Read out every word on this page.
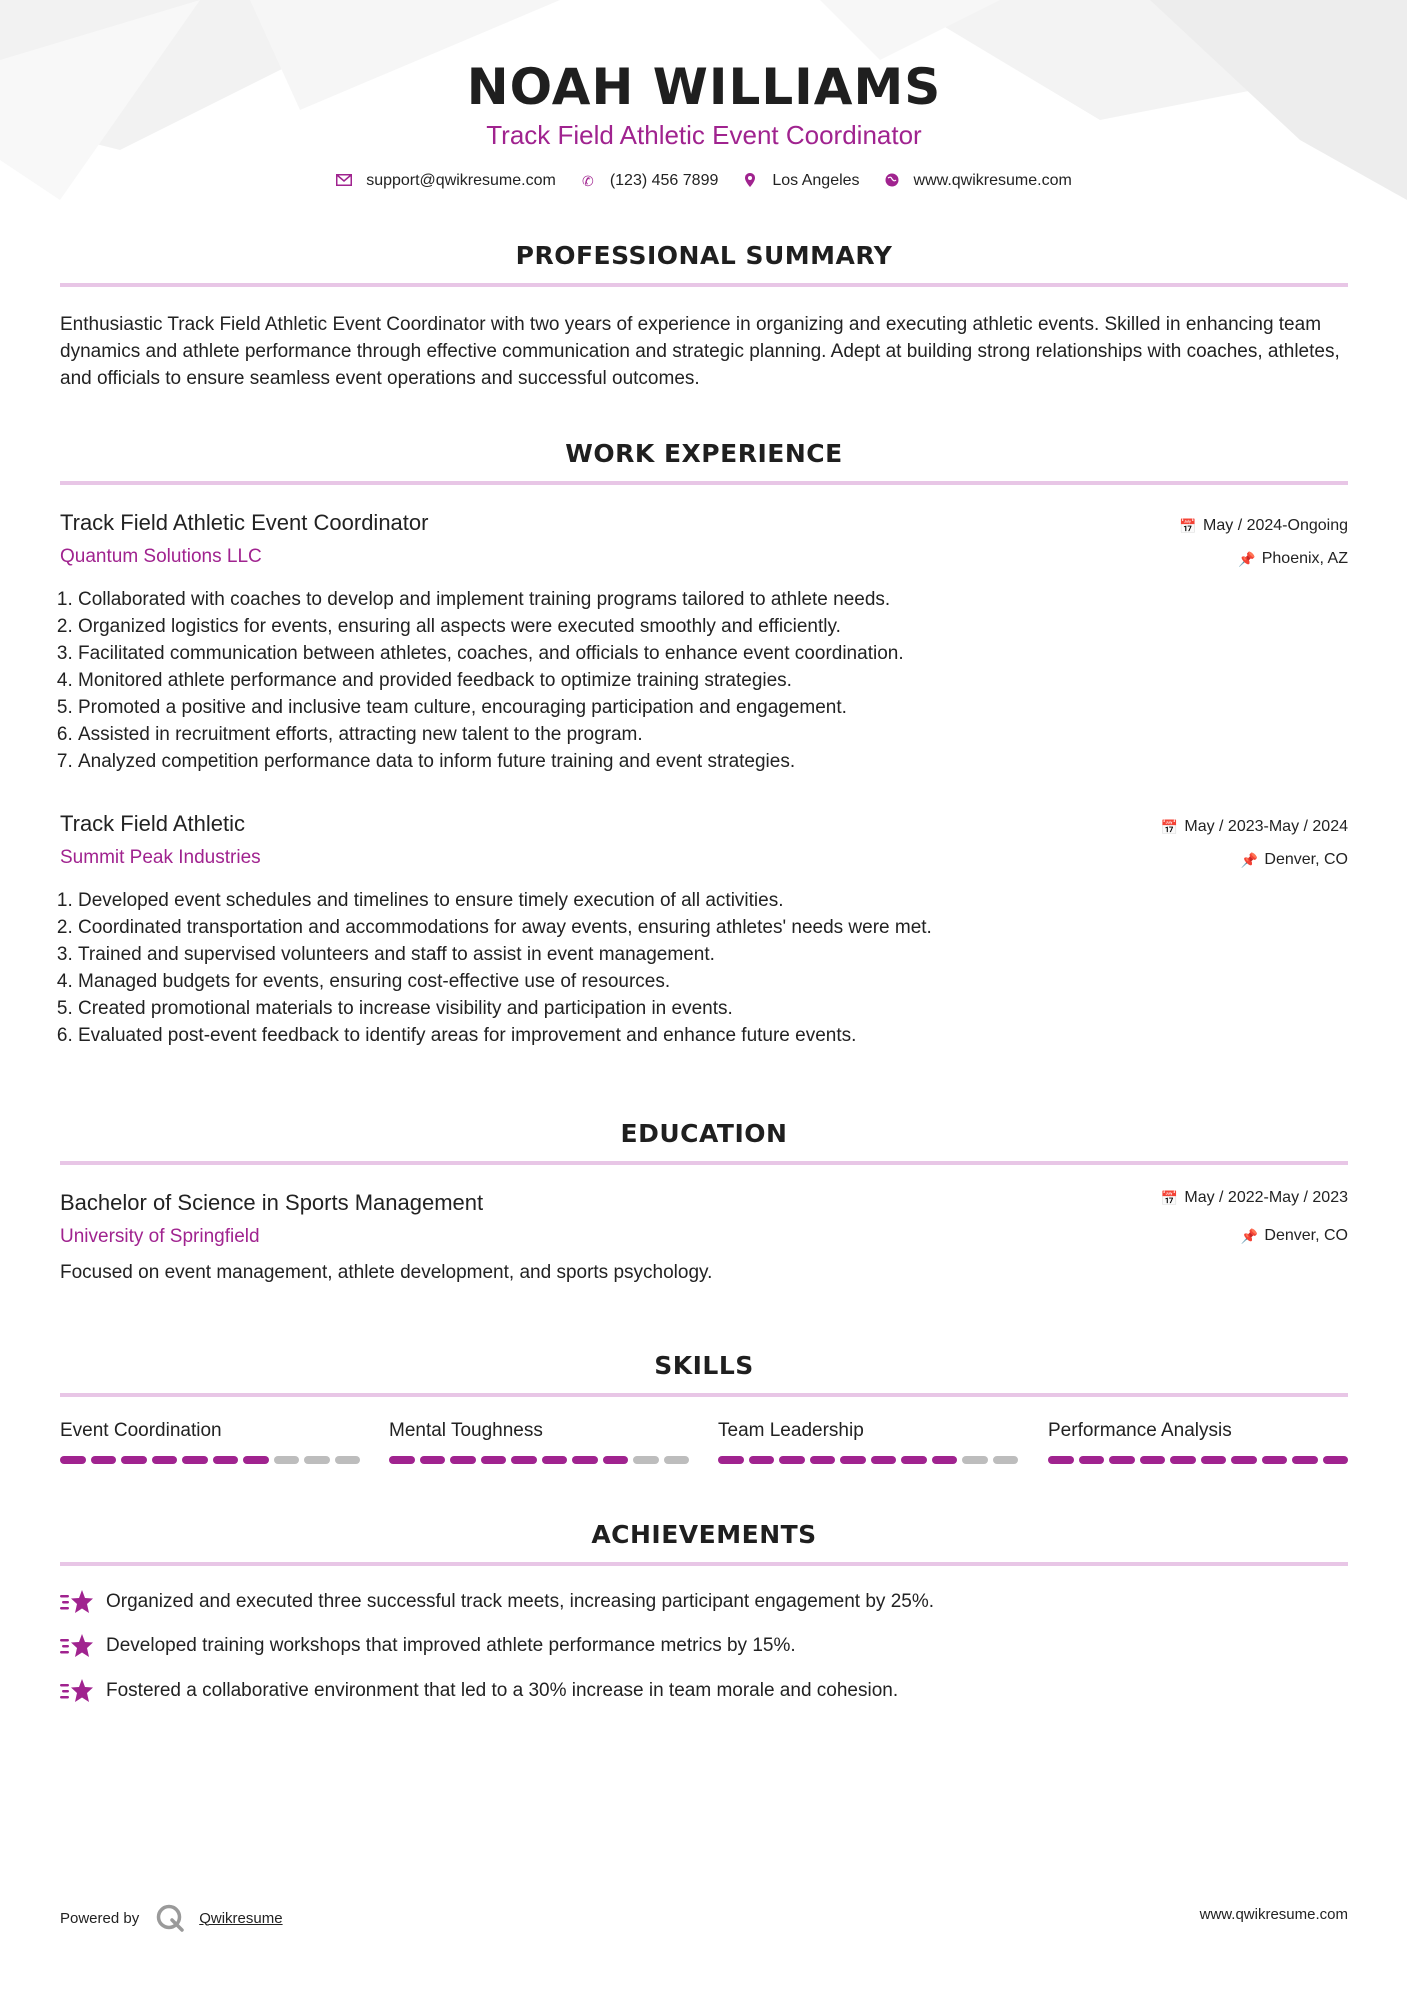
NOAH WILLIAMS
Track Field Athletic Event Coordinator
support@qwikresume.com ✆ (123) 456 7899	Los Angeles	www.qwikresume.com
PROFESSIONAL SUMMARY
Enthusiastic Track Field Athletic Event Coordinator with two years of experience in organizing and executing athletic events. Skilled in enhancing team dynamics and athlete performance through effective communication and strategic planning. Adept at building strong relationships with coaches, athletes, and officials to ensure seamless event operations and successful outcomes.
WORK EXPERIENCE
Track Field Athletic Event Coordinator
Quantum Solutions LLC
📅 May / 2024-Ongoing
📌 Phoenix, AZ
1. Collaborated with coaches to develop and implement training programs tailored to athlete needs.
2. Organized logistics for events, ensuring all aspects were executed smoothly and efficiently.
3. Facilitated communication between athletes, coaches, and officials to enhance event coordination.
4. Monitored athlete performance and provided feedback to optimize training strategies.
5. Promoted a positive and inclusive team culture, encouraging participation and engagement.
6. Assisted in recruitment efforts, attracting new talent to the program.
7. Analyzed competition performance data to inform future training and event strategies.
Track Field Athletic
Summit Peak Industries
📅 May / 2023-May / 2024
📌 Denver, CO
1. Developed event schedules and timelines to ensure timely execution of all activities.
2. Coordinated transportation and accommodations for away events, ensuring athletes' needs were met.
3. Trained and supervised volunteers and staff to assist in event management.
4. Managed budgets for events, ensuring cost-effective use of resources.
5. Created promotional materials to increase visibility and participation in events.
6. Evaluated post-event feedback to identify areas for improvement and enhance future events.
EDUCATION
Bachelor of Science in Sports Management
University of Springfield
📅 May / 2022-May / 2023
📌 Denver, CO
Focused on event management, athlete development, and sports psychology.
SKILLS
Event Coordination	Mental Toughness	Team Leadership	Performance Analysis
ACHIEVEMENTS
Organized and executed three successful track meets, increasing participant engagement by 25%.
Developed training workshops that improved athlete performance metrics by 15%.
Fostered a collaborative environment that led to a 30% increase in team morale and cohesion.
Powered by	Qwikresume	www.qwikresume.com
